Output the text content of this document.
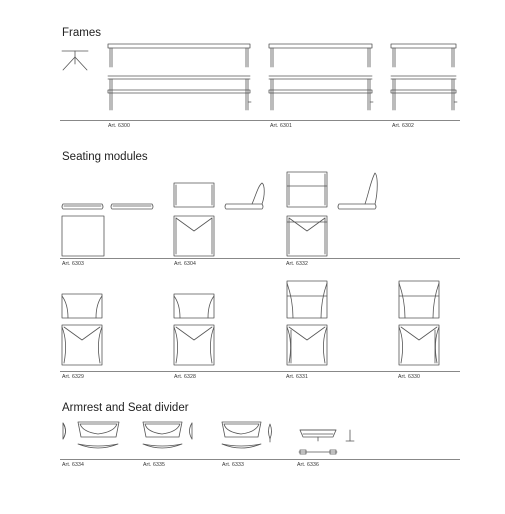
Frames
Seating modules
Armrest and Seat divider
Art. 6300	Art. 6301	Art. 6302
Art. 6303	Art. 6304	Art. 6332
Art. 6329	Art. 6328	Art. 6331	Art. 6330
Art. 6334	Art. 6335	Art. 6333	Art. 6336
